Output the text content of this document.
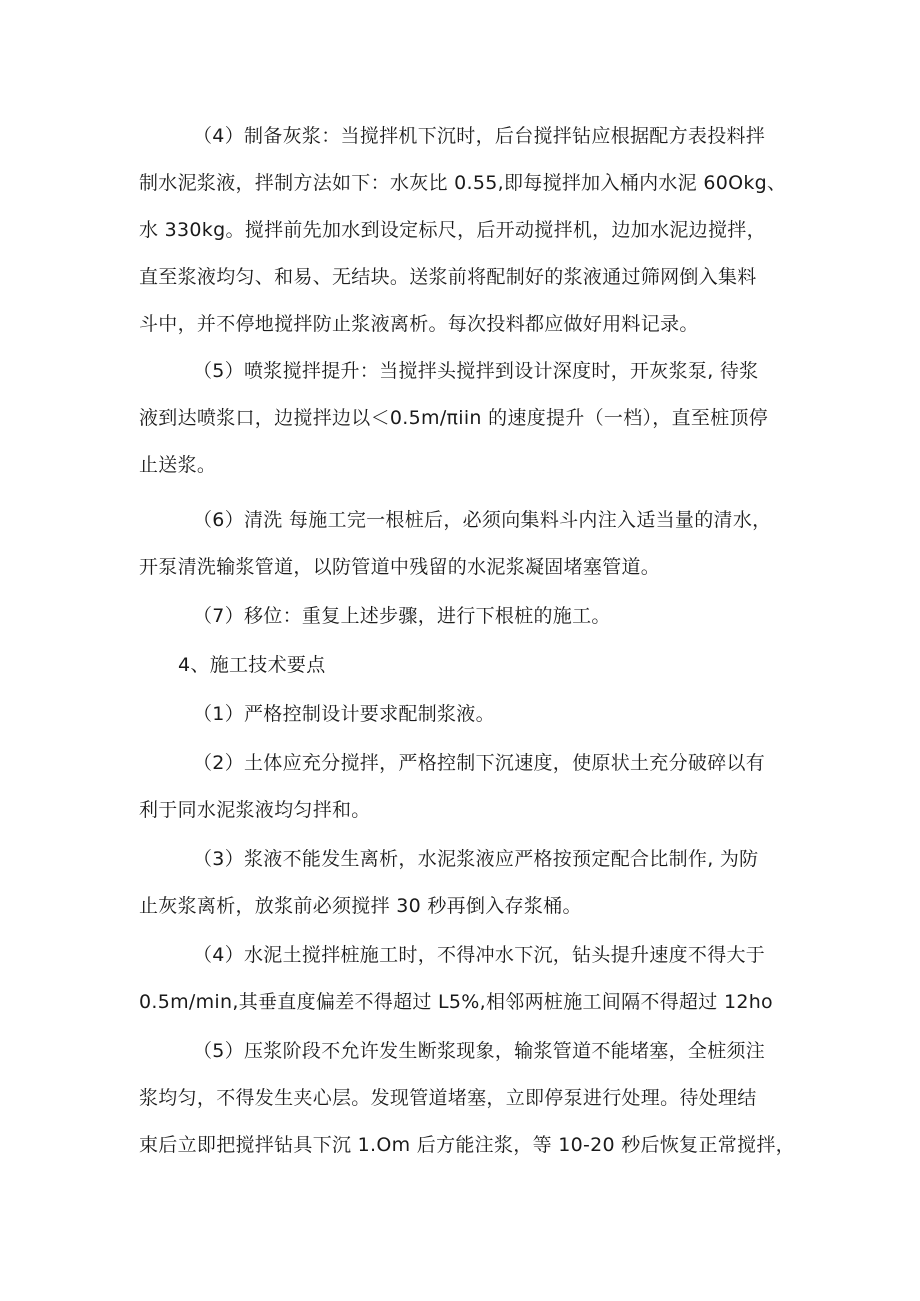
（4）制备灰浆：当搅拌机下沉时，后台搅拌钻应根据配方表投料拌
制水泥浆液，拌制方法如下：水灰比 0.55,即每搅拌加入桶内水泥 60Okg、
水 330kg。搅拌前先加水到设定标尺，后开动搅拌机，边加水泥边搅拌，
直至浆液均匀、和易、无结块。送浆前将配制好的浆液通过筛网倒入集料
斗中，并不停地搅拌防止浆液离析。每次投料都应做好用料记录。
（5）喷浆搅拌提升：当搅拌头搅拌到设计深度时，开灰浆泵, 待浆
液到达喷浆口，边搅拌边以＜0.5m∕πiin 的速度提升（一档），直至桩顶停
止送浆。
（6）清洗 每施工完一根桩后，必须向集料斗内注入适当量的清水，
开泵清洗输浆管道，以防管道中残留的水泥浆凝固堵塞管道。
（7）移位：重复上述步骤，进行下根桩的施工。
4、施工技术要点
（1）严格控制设计要求配制浆液。
（2）土体应充分搅拌，严格控制下沉速度，使原状土充分破碎以有
利于同水泥浆液均匀拌和。
（3）浆液不能发生离析，水泥浆液应严格按预定配合比制作, 为防
止灰浆离析，放浆前必须搅拌 30 秒再倒入存浆桶。
（4）水泥土搅拌桩施工时，不得冲水下沉，钻头提升速度不得大于
0.5m∕min,其垂直度偏差不得超过 L5%,相邻两桩施工间隔不得超过 12ho
（5）压浆阶段不允许发生断浆现象，输浆管道不能堵塞，全桩须注
浆均匀，不得发生夹心层。发现管道堵塞，立即停泵进行处理。待处理结
束后立即把搅拌钻具下沉 1.Om 后方能注浆，等 10-20 秒后恢复正常搅拌，
